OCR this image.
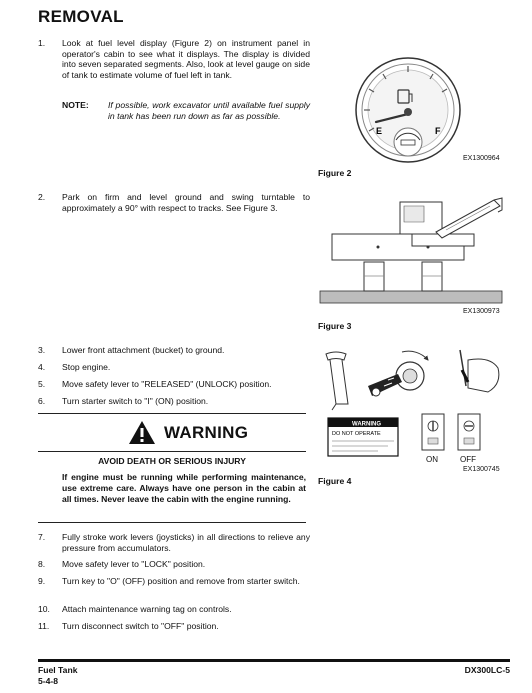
REMOVAL
1.	Look at fuel level display (Figure 2) on instrument panel in operator's cabin to see what it displays. The display is divided into seven separated segments. Also, look at level gauge on side of tank to estimate volume of fuel left in tank.
NOTE: If possible, work excavator until available fuel supply in tank has been run down as far as possible.
E	F
EX1300964
Figure 2
2.	Park on firm and level ground and swing turntable to approximately a 90° with respect to tracks. See Figure 3.
EX1300973
Figure 3
3.	Lower front attachment (bucket) to ground.
4.	Stop engine.
5.	Move safety lever to "RELEASED" (UNLOCK) position.
6.	Turn starter switch to "I" (ON) position.
WARNING
AVOID DEATH OR SERIOUS INJURY
If engine must be running while performing maintenance, use extreme care. Always have one person in the cabin at all times. Never leave the cabin with the engine running.
WARNING
DO NOT OPERATE
ON	OFF
EX1300745
Figure 4
7.	Fully stroke work levers (joysticks) in all directions to relieve any pressure from accumulators.
8.	Move safety lever to "LOCK" position.
9.	Turn key to "O" (OFF) position and remove from starter switch.
10.	Attach maintenance warning tag on controls.
11.	Turn disconnect switch to "OFF" position.
Fuel Tank
5-4-8
DX300LC-5
